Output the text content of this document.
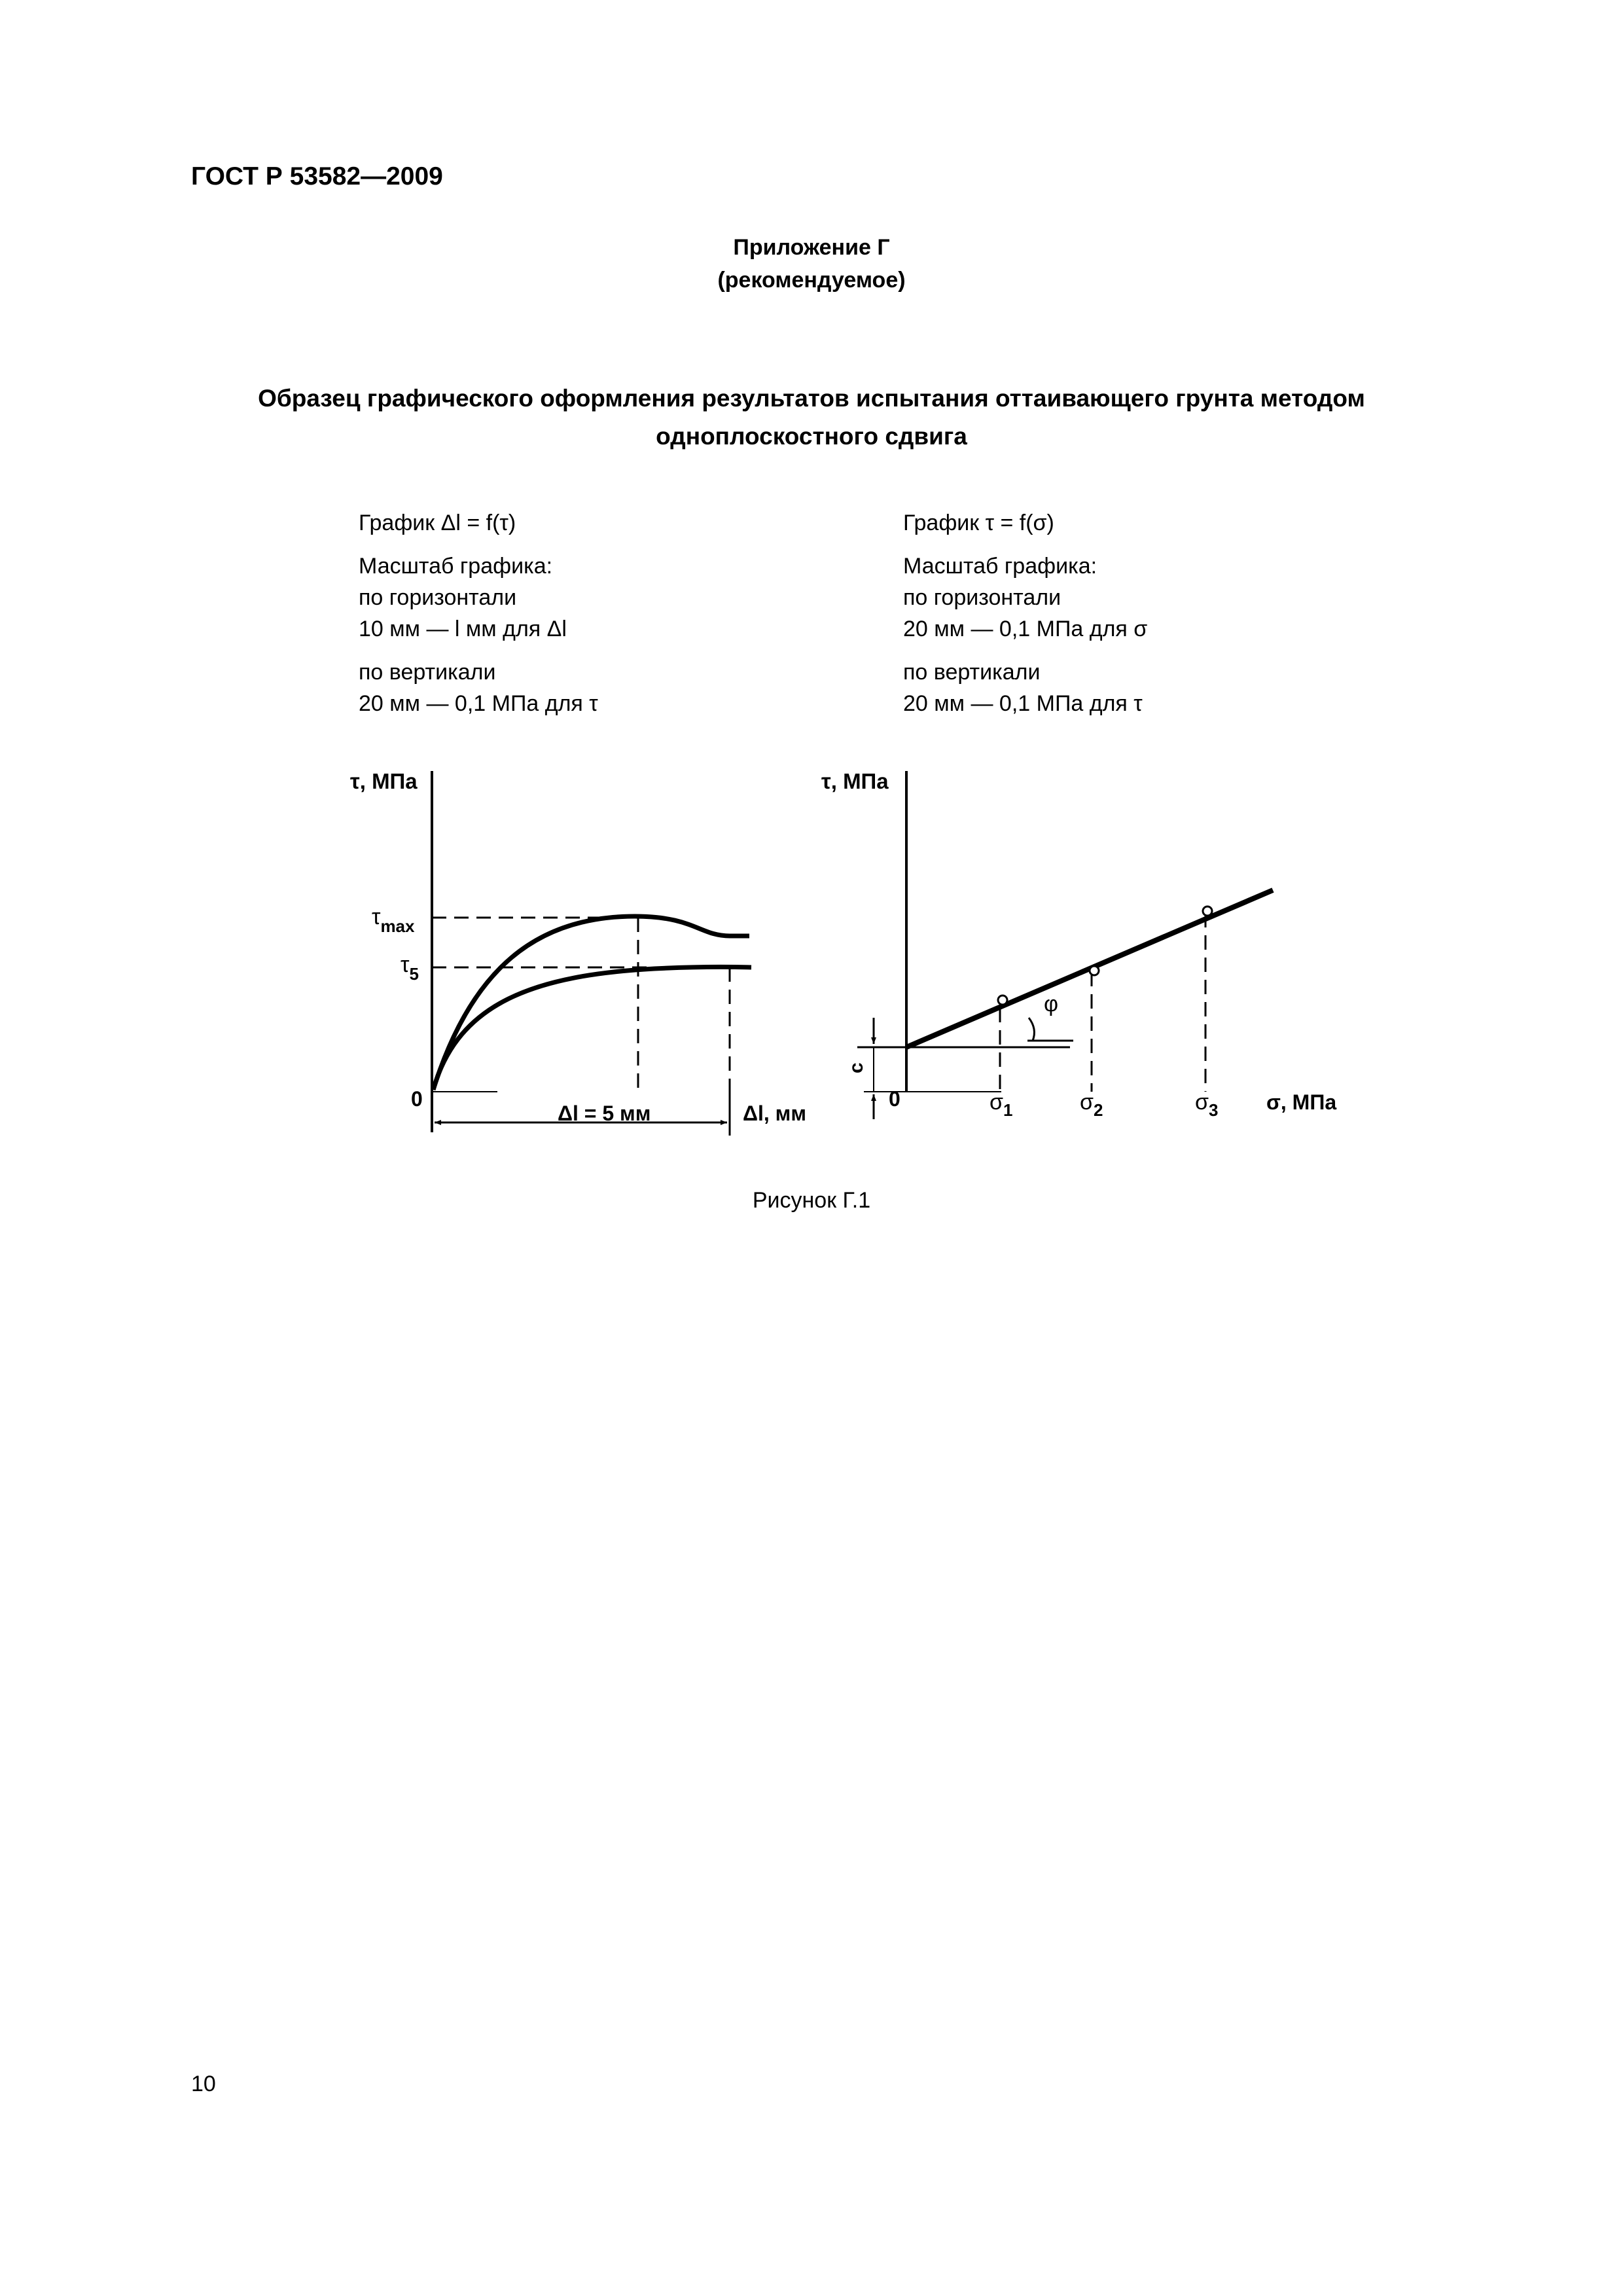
ГОСТ Р 53582—2009
Приложение Г
(рекомендуемое)
Образец графического оформления результатов испытания оттаивающего грунта методом
одноплоскостного сдвига
График Δl = f(τ)
Масштаб графика:
по горизонтали
10 мм — l мм для Δl
по вертикали
20 мм — 0,1 МПа для τ
График τ = f(σ)
Масштаб графика:
по горизонтали
20 мм — 0,1 МПа для σ
по вертикали
20 мм — 0,1 МПа для τ
τ, МПа
$\tau_{max}$
$\tau_5$
0
Δl = 5 мм	Δl, мм
τ, МПа
0
c
φ
$\sigma_1$	$\sigma_2$	$\sigma_3$ σ, МПа
Рисунок Г.1
10
